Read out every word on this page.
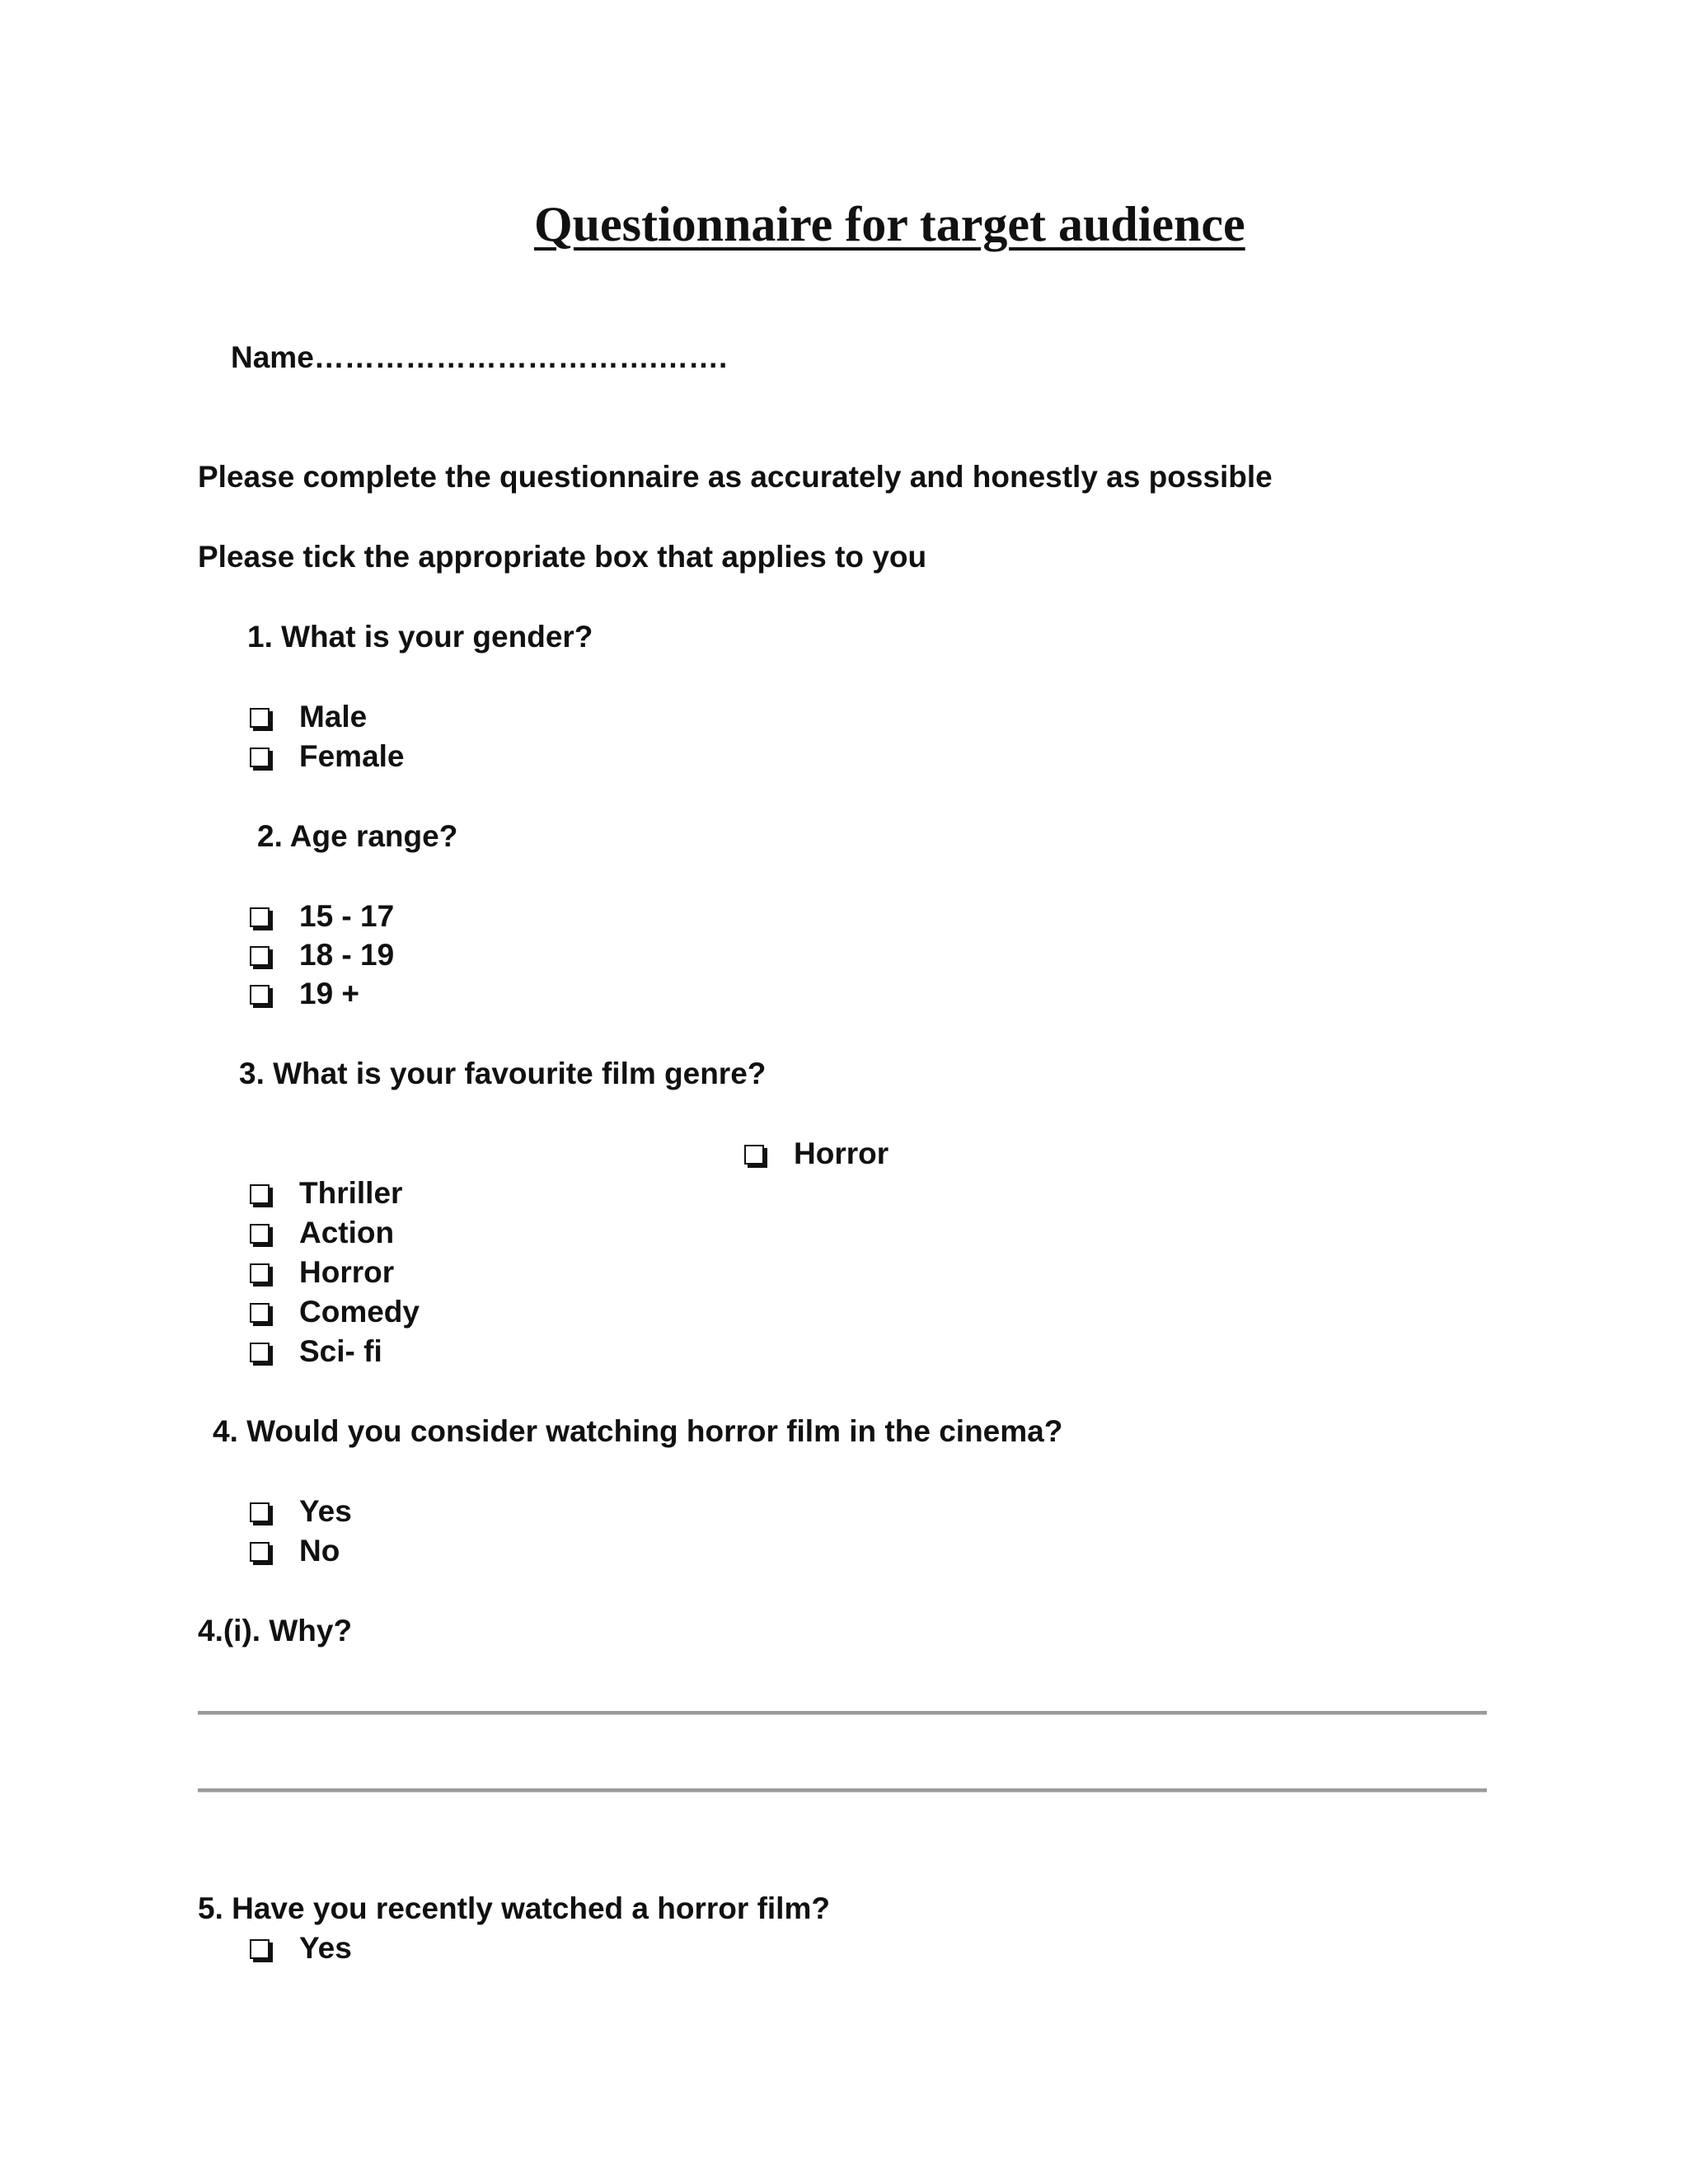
Questionnaire for target audience
Name…………………………….…….
Please complete the questionnaire as accurately and honestly as possible
Please tick the appropriate box that applies to you
1. What is your gender?
Male
Female
2. Age range?
15 - 17
18 - 19
19 +
3. What is your favourite film genre?
Horror
Thriller
Action
Horror
Comedy
Sci- fi
4. Would you consider watching horror film in the cinema?
Yes
No
4.(i). Why?
5. Have you recently watched a horror film?
Yes
